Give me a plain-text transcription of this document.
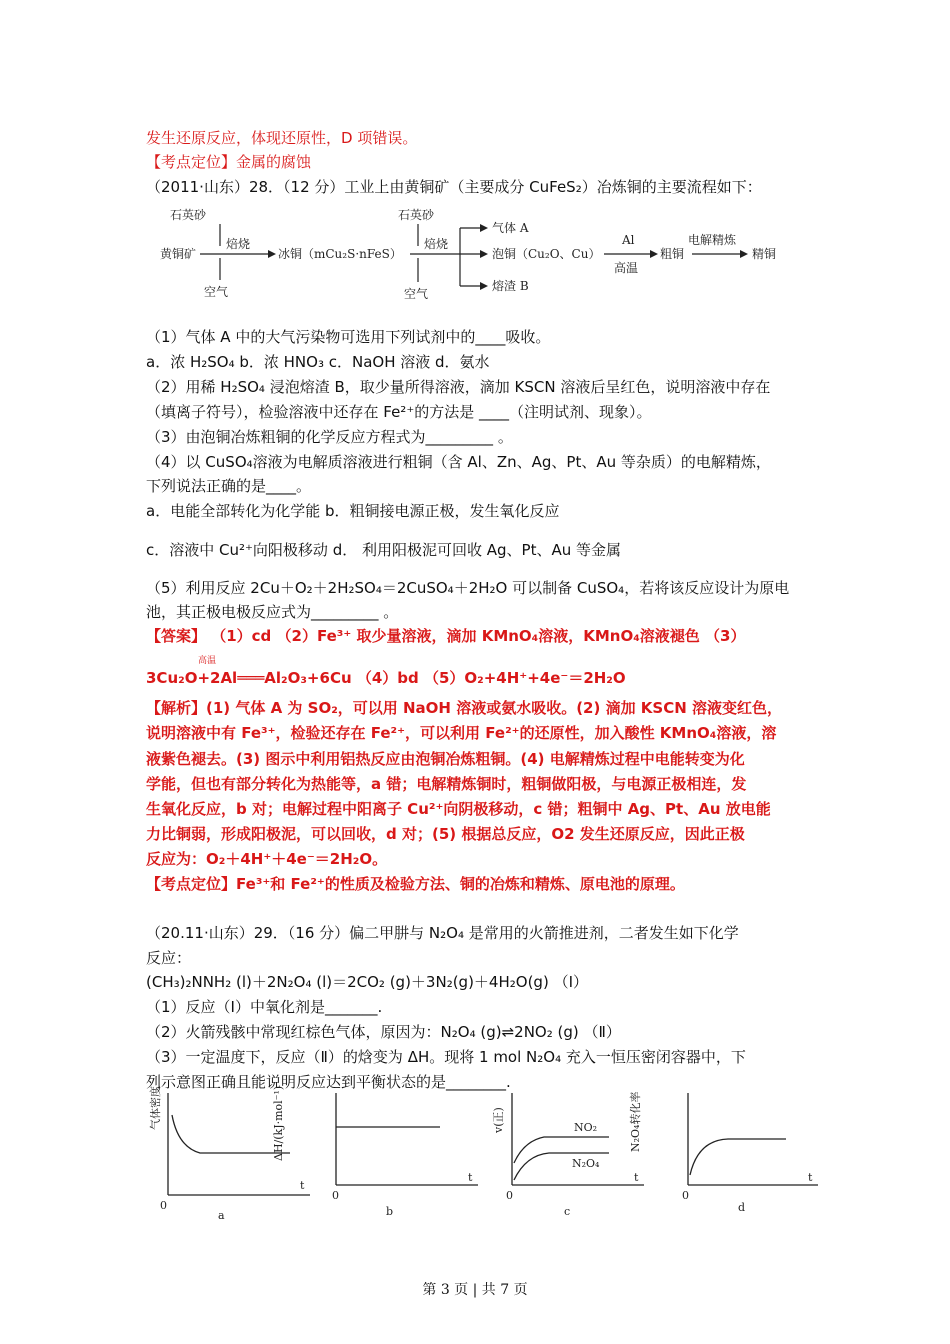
发生还原反应，体现还原性，D 项错误。
【考点定位】金属的腐蚀
（2011·山东）28．（12 分）工业上由黄铜矿（主要成分 CuFeS₂）冶炼铜的主要流程如下：
石英砂
黄铜矿
焙烧
空气
冰铜（mCu₂S·nFeS）
石英砂
焙烧
空气
气体 A
泡铜（Cu₂O、Cu）
熔渣 B
Al
高温
粗铜
电解精炼
精铜
（1）气体 A 中的大气污染物可选用下列试剂中的____吸收。
a．浓 H₂SO₄ b．浓 HNO₃ c．NaOH 溶液 d．氨水
（2）用稀 H₂SO₄ 浸泡熔渣 B，取少量所得溶液，滴加 KSCN 溶液后呈红色，说明溶液中存在
（填离子符号），检验溶液中还存在 Fe²⁺的方法是 ____（注明试剂、现象）。
（3）由泡铜冶炼粗铜的化学反应方程式为_________ 。
（4）以 CuSO₄溶液为电解质溶液进行粗铜（含 Al、Zn、Ag、Pt、Au 等杂质）的电解精炼，
下列说法正确的是____。
a．电能全部转化为化学能 b．粗铜接电源正极，发生氧化反应
c．溶液中 Cu²⁺向阳极移动 d． 利用阳极泥可回收 Ag、Pt、Au 等金属
（5）利用反应 2Cu＋O₂＋2H₂SO₄＝2CuSO₄＋2H₂O 可以制备 CuSO₄，若将该反应设计为原电
池，其正极电极反应式为_________ 。
【答案】 （1）cd （2）Fe³⁺ 取少量溶液，滴加 KMnO₄溶液，KMnO₄溶液褪色 （3）
高温
3Cu₂O+2Al═══Al₂O₃+6Cu （4）bd （5）O₂+4H⁺+4e⁻＝2H₂O
【解析】(1) 气体 A 为 SO₂，可以用 NaOH 溶液或氨水吸收。(2) 滴加 KSCN 溶液变红色，
说明溶液中有 Fe³⁺，检验还存在 Fe²⁺，可以利用 Fe²⁺的还原性，加入酸性 KMnO₄溶液，溶
液紫色褪去。(3) 图示中利用铝热反应由泡铜冶炼粗铜。(4) 电解精炼过程中电能转变为化
学能，但也有部分转化为热能等，a 错；电解精炼铜时，粗铜做阳极，与电源正极相连，发
生氧化反应，b 对；电解过程中阳离子 Cu²⁺向阴极移动，c 错；粗铜中 Ag、Pt、Au 放电能
力比铜弱，形成阳极泥，可以回收，d 对；(5) 根据总反应，O2 发生还原反应，因此正极
反应为：O₂＋4H⁺＋4e⁻＝2H₂O。
【考点定位】Fe³⁺和 Fe²⁺的性质及检验方法、铜的冶炼和精炼、原电池的原理。
（20.11·山东）29．（16 分）偏二甲肼与 N₂O₄ 是常用的火箭推进剂，二者发生如下化学
反应：
(CH₃)₂NNH₂ (l)＋2N₂O₄ (l)＝2CO₂ (g)＋3N₂(g)＋4H₂O(g) （Ⅰ）
（1）反应（Ⅰ）中氧化剂是_______.
（2）火箭残骸中常现红棕色气体，原因为：N₂O₄ (g)⇌2NO₂ (g) （Ⅱ）
（3）一定温度下，反应（Ⅱ）的焓变为 ΔH。现将 1 mol N₂O₄ 充入一恒压密闭容器中，下
列示意图正确且能说明反应达到平衡状态的是________.
气体密度
0
t
a
ΔH/(kJ·mol⁻¹)
0
t
b
NO₂
N₂O₄
v(正)
0
t
c
N₂O₄转化率
0
t
d
第 3 页 | 共 7 页
